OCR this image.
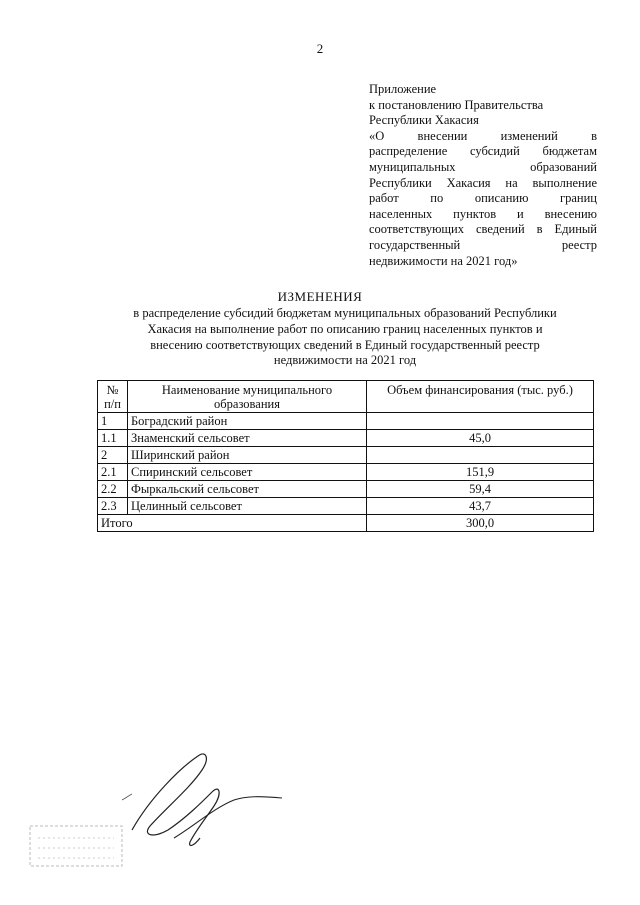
2
Приложение
к постановлению Правительства
Республики Хакасия
«О внесении изменений в
распределение субсидий бюджетам
муниципальных образований
Республики Хакасия на выполнение
работ по описанию границ
населенных пунктов и внесению
соответствующих сведений в Единый
государственный реестр
недвижимости на 2021 год»
ИЗМЕНЕНИЯ
в распределение субсидий бюджетам муниципальных образований Республики
Хакасия на выполнение работ по описанию границ населенных пунктов и
внесению соответствующих сведений в Единый государственный реестр
недвижимости на 2021 год
№ п/п	Наименование муниципального образования	Объем финансирования (тыс. руб.)
1	Боградский район	
1.1	Знаменский сельсовет	45,0
2	Ширинский район	
2.1	Спиринский сельсовет	151,9
2.2	Фыркальский сельсовет	59,4
2.3	Целинный сельсовет	43,7
Итого		300,0
